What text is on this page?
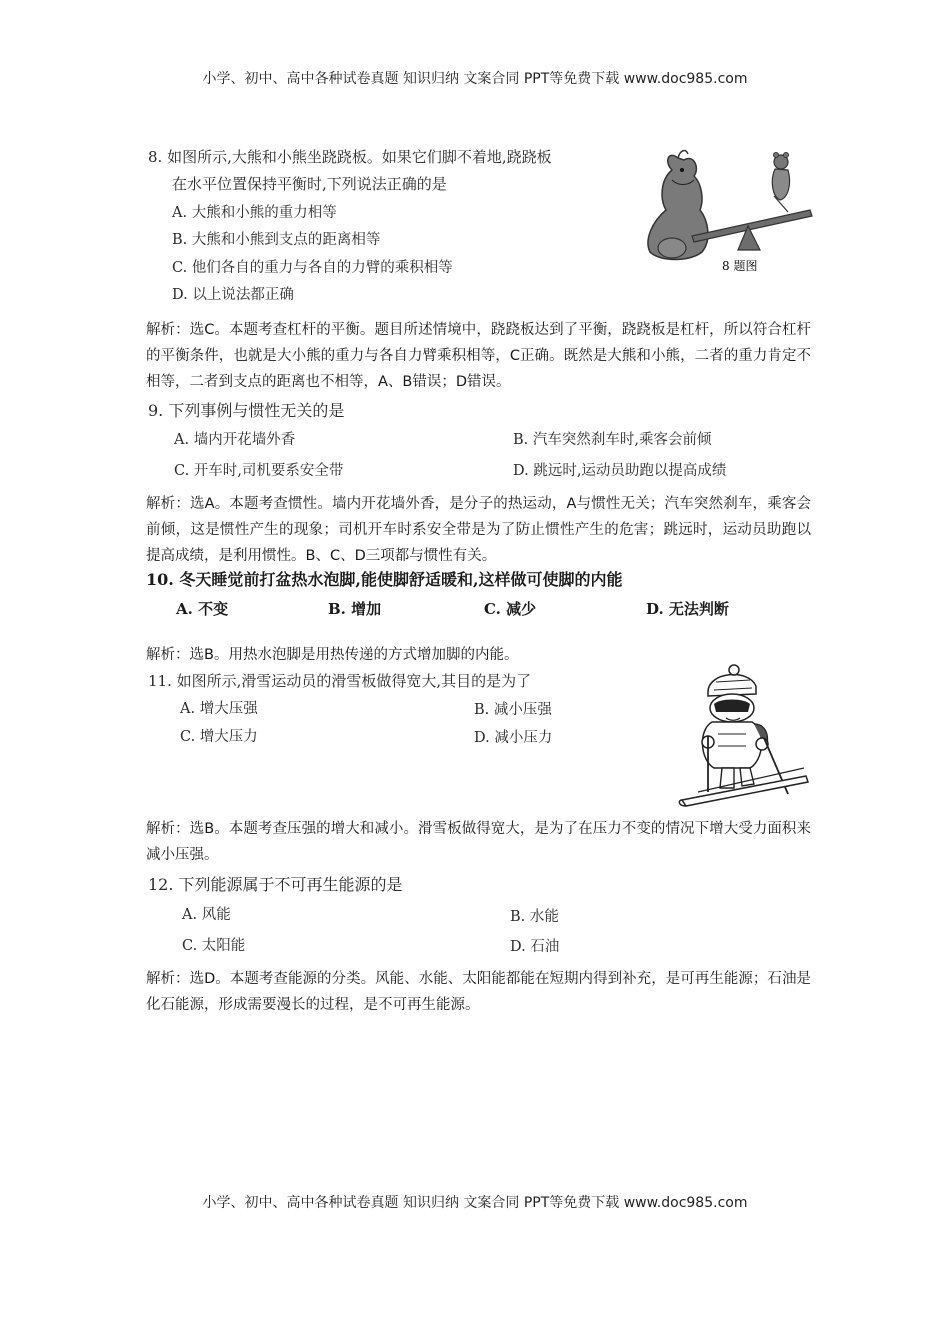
小学、初中、高中各种试卷真题 知识归纳 文案合同 PPT等免费下载 www.doc985.com
8. 如图所示,大熊和小熊坐跷跷板。如果它们脚不着地,跷跷板
在水平位置保持平衡时,下列说法正确的是
A. 大熊和小熊的重力相等
B. 大熊和小熊到支点的距离相等
C. 他们各自的重力与各自的力臂的乘积相等
D. 以上说法都正确
8 题图
解析：选C。本题考查杠杆的平衡。题目所述情境中，跷跷板达到了平衡，跷跷板是杠杆，所以符合杠杆的平衡条件，也就是大小熊的重力与各自力臂乘积相等，C正确。既然是大熊和小熊，二者的重力肯定不相等，二者到支点的距离也不相等，A、B错误；D错误。
9. 下列事例与惯性无关的是
A. 墙内开花墙外香	B. 汽车突然刹车时,乘客会前倾
C. 开车时,司机要系安全带	D. 跳远时,运动员助跑以提高成绩
解析：选A。本题考查惯性。墙内开花墙外香，是分子的热运动，A与惯性无关；汽车突然刹车，乘客会前倾，这是惯性产生的现象；司机开车时系安全带是为了防止惯性产生的危害；跳远时，运动员助跑以提高成绩，是利用惯性。B、C、D三项都与惯性有关。
10. 冬天睡觉前打盆热水泡脚,能使脚舒适暖和,这样做可使脚的内能
A. 不变	B. 增加	C. 减少	D. 无法判断
解析：选B。用热水泡脚是用热传递的方式增加脚的内能。
11. 如图所示,滑雪运动员的滑雪板做得宽大,其目的是为了
A. 增大压强	B. 减小压强
C. 增大压力	D. 减小压力
解析：选B。本题考查压强的增大和减小。滑雪板做得宽大，是为了在压力不变的情况下增大受力面积来减小压强。
12. 下列能源属于不可再生能源的是
A. 风能	B. 水能
C. 太阳能	D. 石油
解析：选D。本题考查能源的分类。风能、水能、太阳能都能在短期内得到补充，是可再生能源；石油是化石能源，形成需要漫长的过程，是不可再生能源。
小学、初中、高中各种试卷真题 知识归纳 文案合同 PPT等免费下载 www.doc985.com
